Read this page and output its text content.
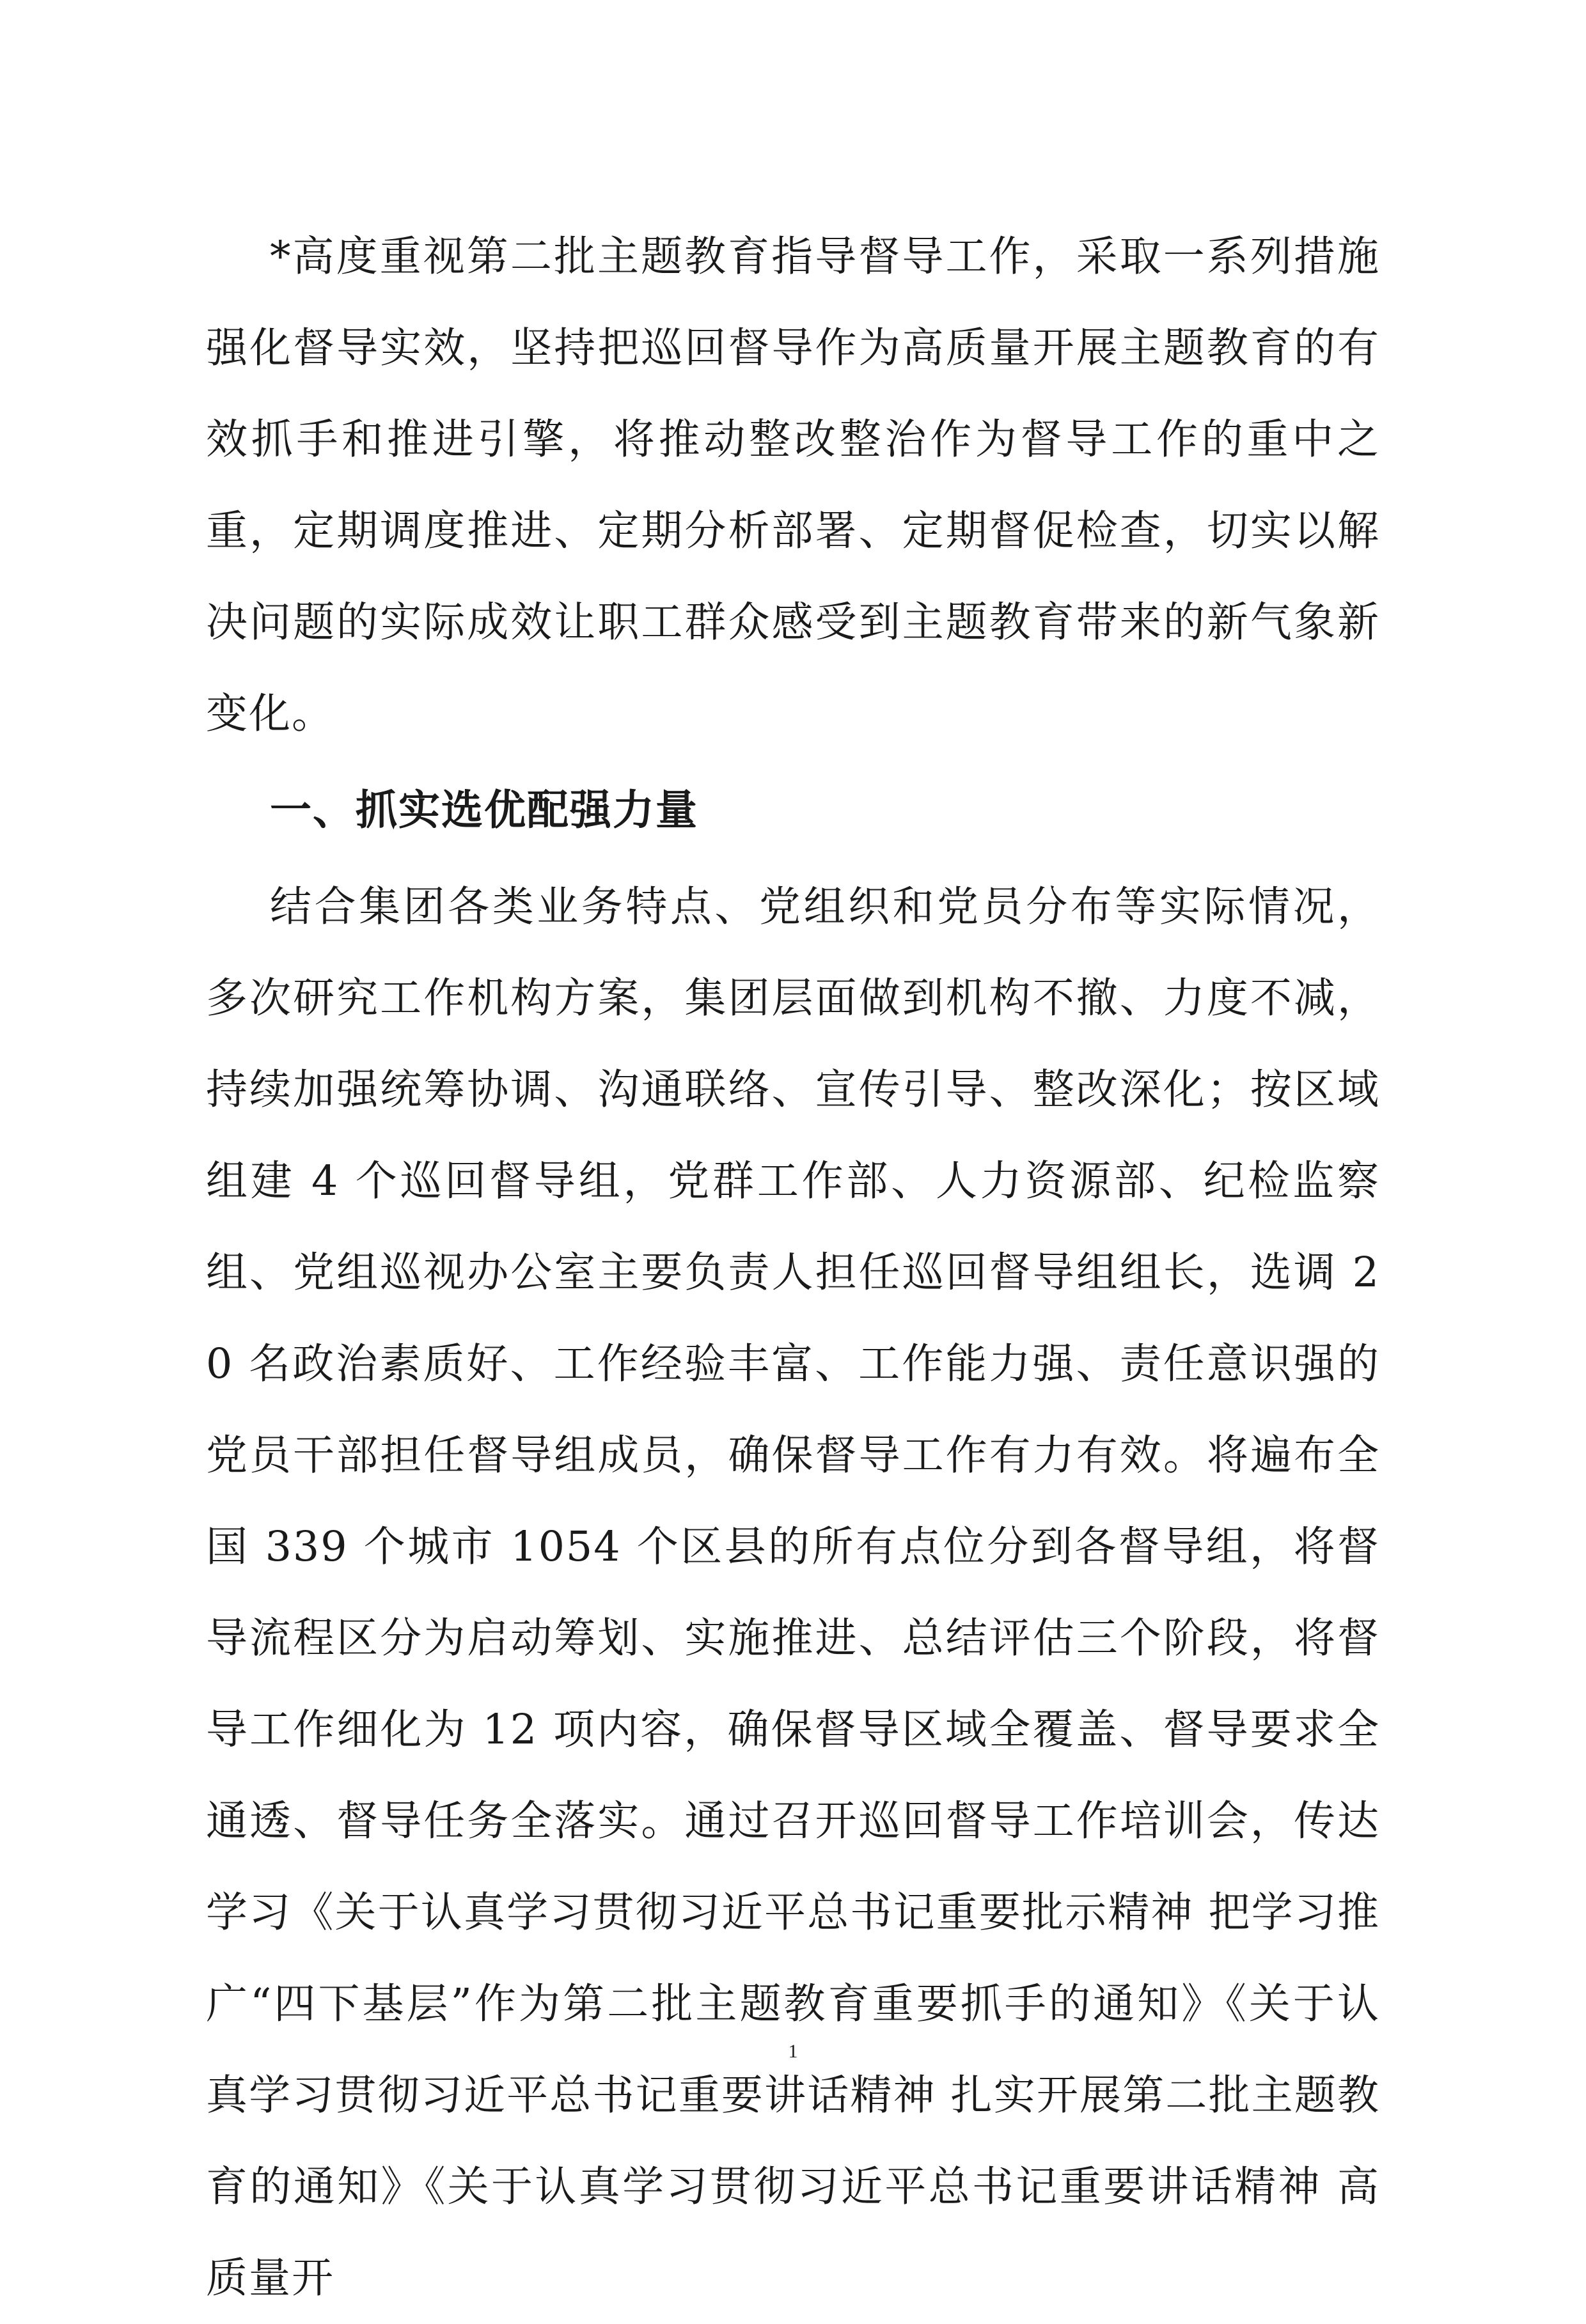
*高度重视第二批主题教育指导督导工作，采取一系列措施强化督导实效，坚持把巡回督导作为高质量开展主题教育的有效抓手和推进引擎，将推动整改整治作为督导工作的重中之重，定期调度推进、定期分析部署、定期督促检查，切实以解决问题的实际成效让职工群众感受到主题教育带来的新气象新变化。

一、抓实选优配强力量

结合集团各类业务特点、党组织和党员分布等实际情况，多次研究工作机构方案，集团层面做到机构不撤、力度不减，持续加强统筹协调、沟通联络、宣传引导、整改深化；按区域组建 4 个巡回督导组，党群工作部、人力资源部、纪检监察组、党组巡视办公室主要负责人担任巡回督导组组长，选调 20 名政治素质好、工作经验丰富、工作能力强、责任意识强的党员干部担任督导组成员，确保督导工作有力有效。将遍布全国 339 个城市 1054 个区县的所有点位分到各督导组，将督导流程区分为启动筹划、实施推进、总结评估三个阶段，将督导工作细化为 12 项内容，确保督导区域全覆盖、督导要求全通透、督导任务全落实。通过召开巡回督导工作培训会，传达学习《关于认真学习贯彻习近平总书记重要批示精神 把学习推广“四下基层”作为第二批主题教育重要抓手的通知》《关于认真学习贯彻习近平总书记重要讲话精神 扎实开展第二批主题教育的通知》《关于认真学习贯彻习近平总书记重要讲话精神 高质量开

1
